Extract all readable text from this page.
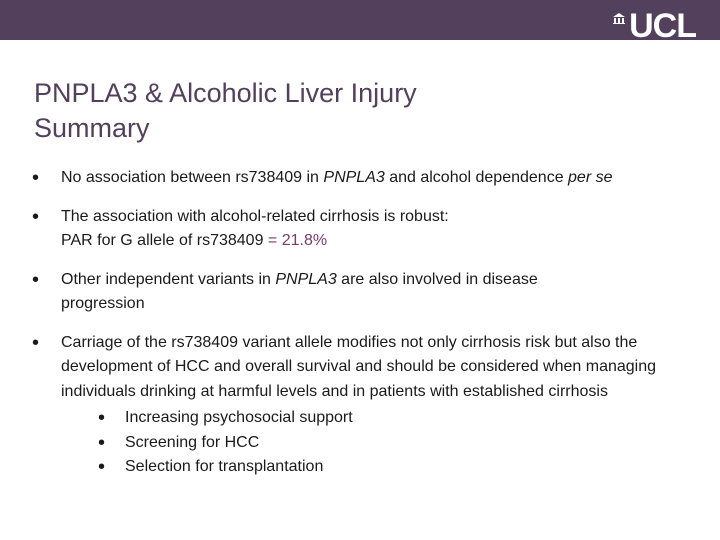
UCL
PNPLA3 & Alcoholic Liver Injury
Summary
• No association between rs738409 in PNPLA3 and alcohol dependence per se
• The association with alcohol-related cirrhosis is robust:
PAR for G allele of rs738409 = 21.8%
• Other independent variants in PNPLA3 are also involved in disease progression
• Carriage of the rs738409 variant allele modifies not only cirrhosis risk but also the development of HCC and overall survival and should be considered when managing individuals drinking at harmful levels and in patients with established cirrhosis
• Increasing psychosocial support
• Screening for HCC
• Selection for transplantation
